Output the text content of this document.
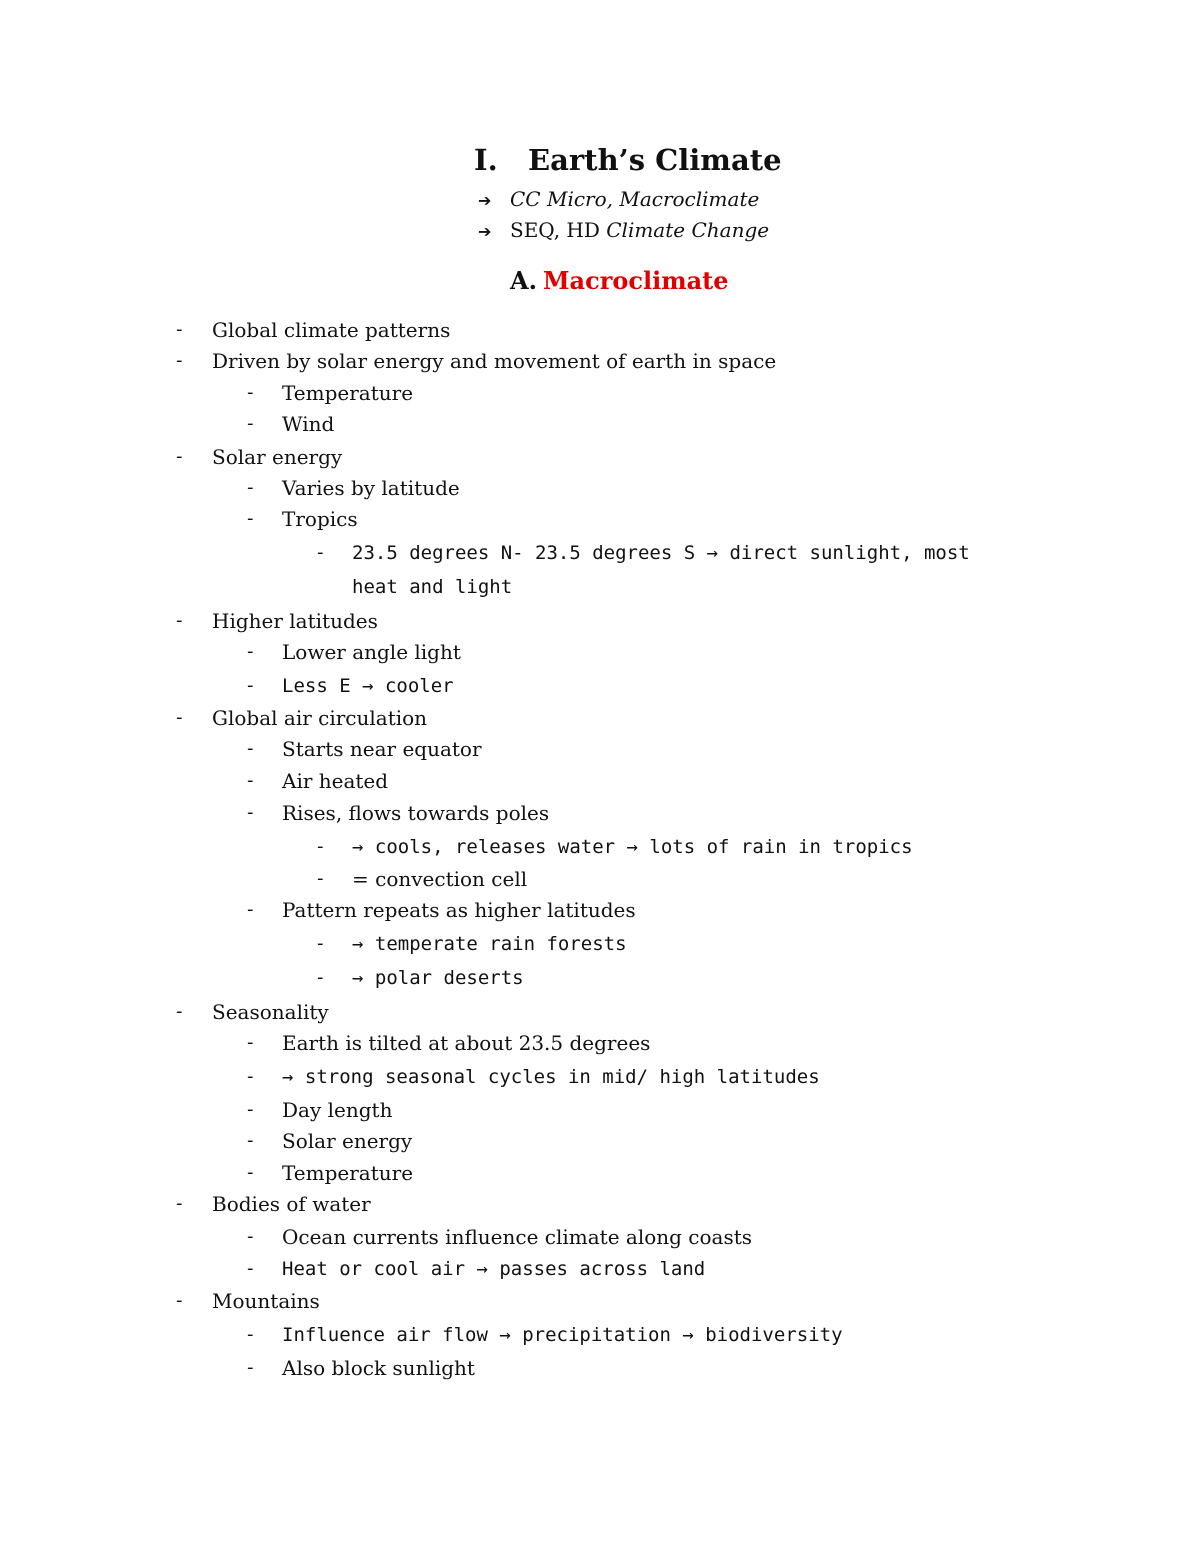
I. Earth’s Climate
➔ CC Micro, Macroclimate
➔ SEQ, HD Climate Change
A. Macroclimate
- Global climate patterns
- Driven by solar energy and movement of earth in space
- Temperature
- Wind
- Solar energy
- Varies by latitude
- Tropics
- 23.5 degrees N- 23.5 degrees S → direct sunlight, most
heat and light
- Higher latitudes
- Lower angle light
- Less E → cooler
- Global air circulation
- Starts near equator
- Air heated
- Rises, flows towards poles
- → cools, releases water → lots of rain in tropics
- = convection cell
- Pattern repeats as higher latitudes
- → temperate rain forests
- → polar deserts
- Seasonality
- Earth is tilted at about 23.5 degrees
- → strong seasonal cycles in mid/ high latitudes
- Day length
- Solar energy
- Temperature
- Bodies of water
- Ocean currents influence climate along coasts
- Heat or cool air → passes across land
- Mountains
- Influence air flow → precipitation → biodiversity
- Also block sunlight
